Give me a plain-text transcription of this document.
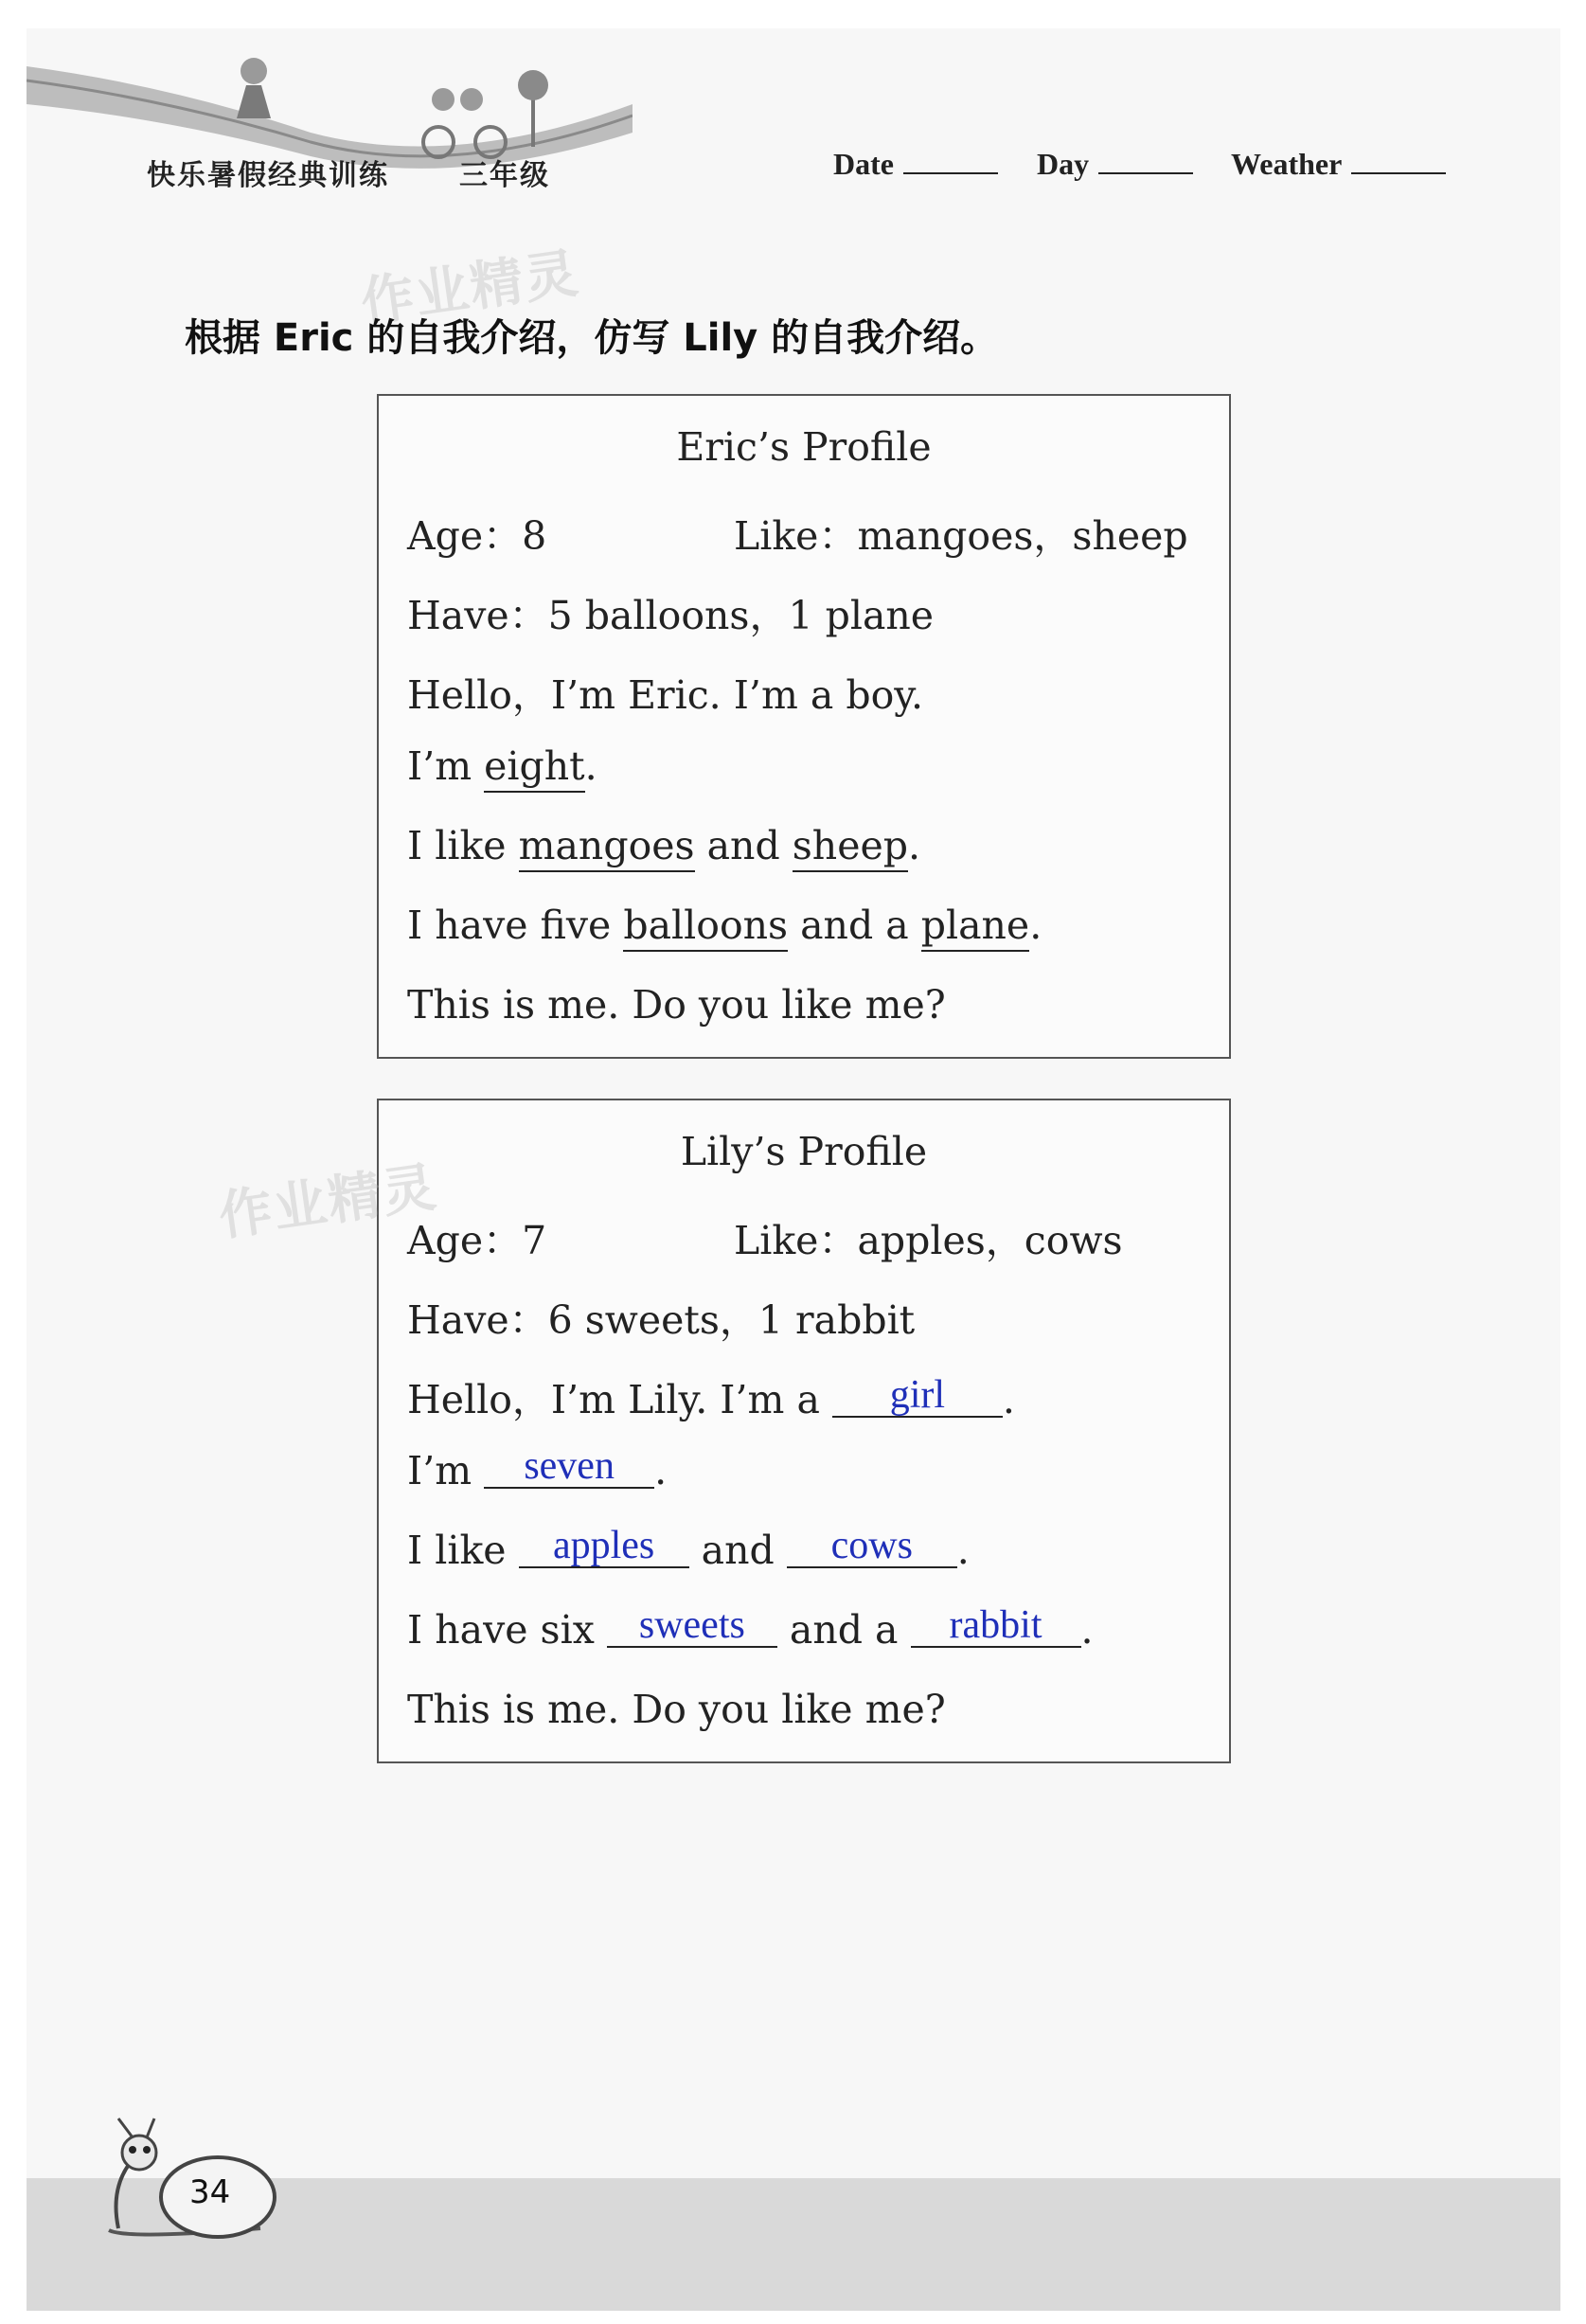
快乐暑假经典训练 三年级	Date	Day	Weather
作业精灵
根据 Eric 的自我介绍，仿写 Lily 的自我介绍。
Eric’s Profile
Age：8	Like：mangoes，sheep
Have：5 balloons，1 plane
Hello，I’m Eric. I’m a boy.
I’m eight.
I like mangoes and sheep.
I have five balloons and a plane.
This is me. Do you like me?
Lily’s Profile
Age：7	Like：apples，cows
Have：6 sweets，1 rabbit
Hello，I’m Lily. I’m a girl .
I’m seven .
I like apples and cows .
I have six sweets and a rabbit .
This is me. Do you like me?
作业精灵
34
